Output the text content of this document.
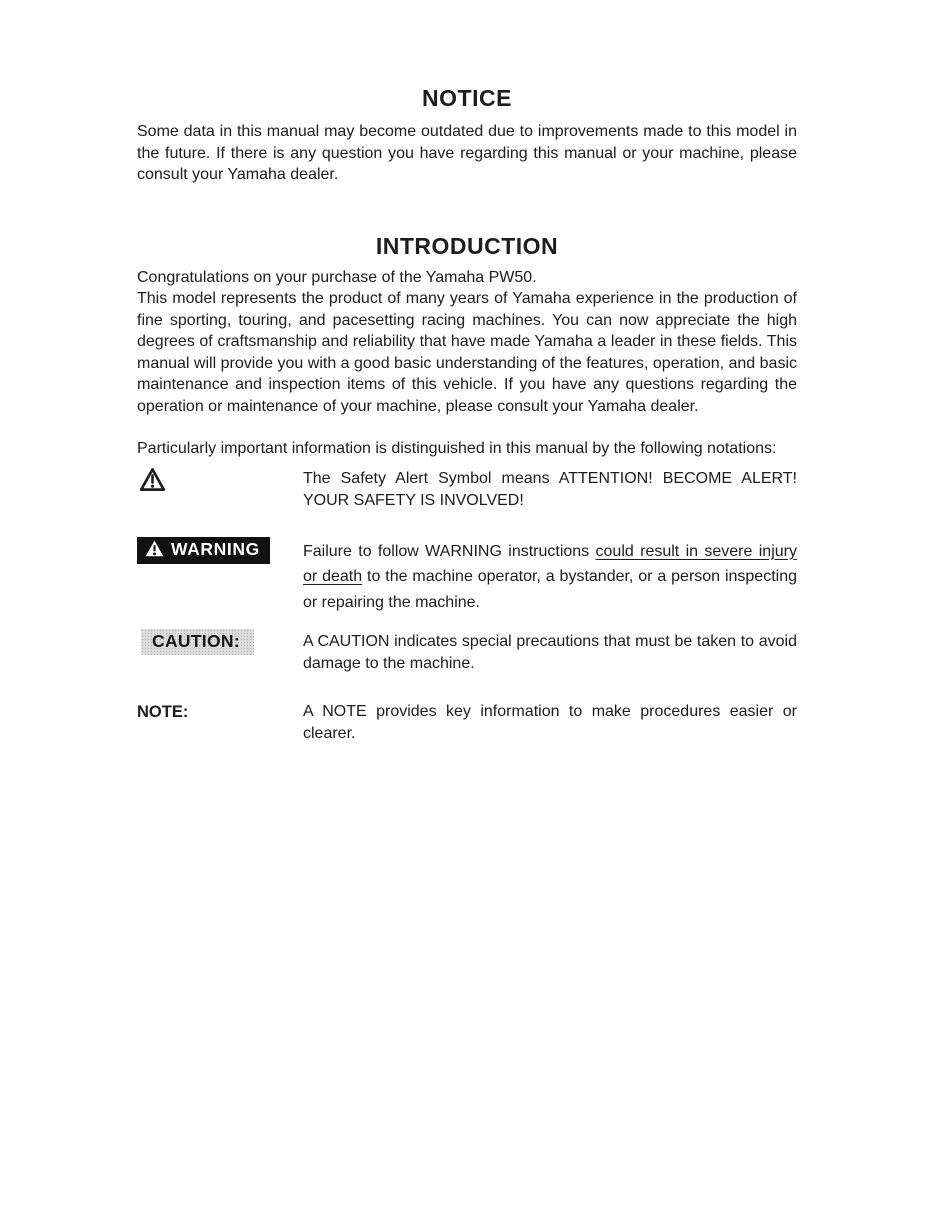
NOTICE

Some data in this manual may become outdated due to improvements made to this model in the future. If there is any question you have regarding this manual or your machine, please consult your Yamaha dealer.

INTRODUCTION

Congratulations on your purchase of the Yamaha PW50.

This model represents the product of many years of Yamaha experience in the production of fine sporting, touring, and pacesetting racing machines. You can now appreciate the high degrees of craftsmanship and reliability that have made Yamaha a leader in these fields. This manual will provide you with a good basic understanding of the features, operation, and basic maintenance and inspection items of this vehicle. If you have any questions regarding the operation or maintenance of your machine, please consult your Yamaha dealer.

Particularly important information is distinguished in this manual by the following notations:

The Safety Alert Symbol means ATTENTION! BECOME ALERT! YOUR SAFETY IS INVOLVED!
WARNING	Failure to follow WARNING instructions could result in severe injury or death to the machine operator, a bystander, or a person inspecting or repairing the machine.
CAUTION:	A CAUTION indicates special precautions that must be taken to avoid damage to the machine.
NOTE:	A NOTE provides key information to make procedures easier or clearer.
